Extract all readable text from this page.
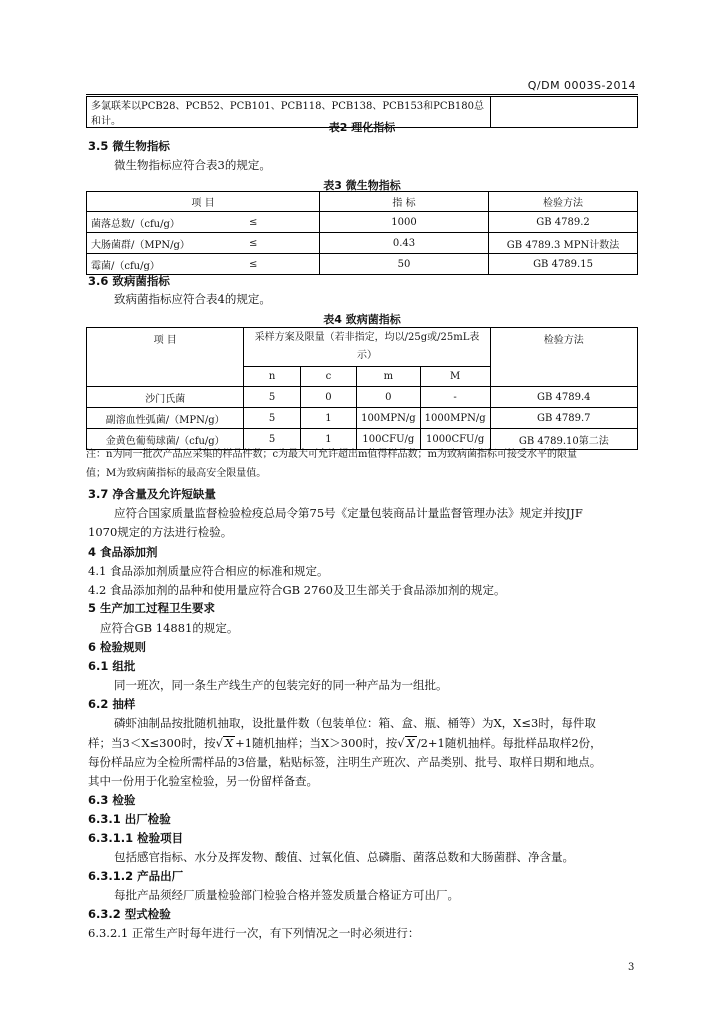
Q/DM 0003S-2014
多氯联苯以PCB28、PCB52、PCB101、PCB118、PCB138、PCB153和PCB180总和计。		表2 理化指标
3.5 微生物指标
微生物指标应符合表3的规定。
表3 微生物指标
项 目		指 标	检验方法
菌落总数/（cfu/g）	≤	1000	GB 4789.2
大肠菌群/（MPN/g）	≤	0.43	GB 4789.3 MPN计数法
霉菌/（cfu/g）	≤	50	GB 4789.15
3.6 致病菌指标
致病菌指标应符合表4的规定。
表4 致病菌指标
项 目	采样方案及限量（若非指定，均以/25g或/25mL表示）				检验方法
	n	c	m	M	
沙门氏菌	5	0	0	-	GB 4789.4
副溶血性弧菌/（MPN/g）	5	1	100MPN/g	1000MPN/g	GB 4789.7
金黄色葡萄球菌/（cfu/g）	5	1	100CFU/g	1000CFU/g	GB 4789.10第二法
注：n为同一批次产品应采集的样品件数；c为最大可允许超出m值得样品数；m为致病菌指标可接受水平的限量
值；M为致病菌指标的最高安全限量值。
3.7 净含量及允许短缺量
应符合国家质量监督检验检疫总局令第75号《定量包装商品计量监督管理办法》规定并按JJF
1070规定的方法进行检验。
4 食品添加剂
4.1 食品添加剂质量应符合相应的标准和规定。
4.2 食品添加剂的品种和使用量应符合GB 2760及卫生部关于食品添加剂的规定。
5 生产加工过程卫生要求
应符合GB 14881的规定。
6 检验规则
6.1 组批
同一班次，同一条生产线生产的包装完好的同一种产品为一组批。
6.2 抽样
磷虾油制品按批随机抽取，设批量件数（包装单位：箱、盒、瓶、桶等）为X，X≤3时，每件取
样；当3＜X≤300时，按√ X +1随机抽样；当X＞300时，按√ X /2+1随机抽样。每批样品取样2份，
每份样品应为全检所需样品的3倍量，粘贴标签，注明生产班次、产品类别、批号、取样日期和地点。
其中一份用于化验室检验，另一份留样备查。
6.3 检验
6.3.1 出厂检验
6.3.1.1 检验项目
包括感官指标、水分及挥发物、酸值、过氧化值、总磷脂、菌落总数和大肠菌群、净含量。
6.3.1.2 产品出厂
每批产品须经厂质量检验部门检验合格并签发质量合格证方可出厂。
6.3.2 型式检验
6.3.2.1 正常生产时每年进行一次，有下列情况之一时必须进行：
3
